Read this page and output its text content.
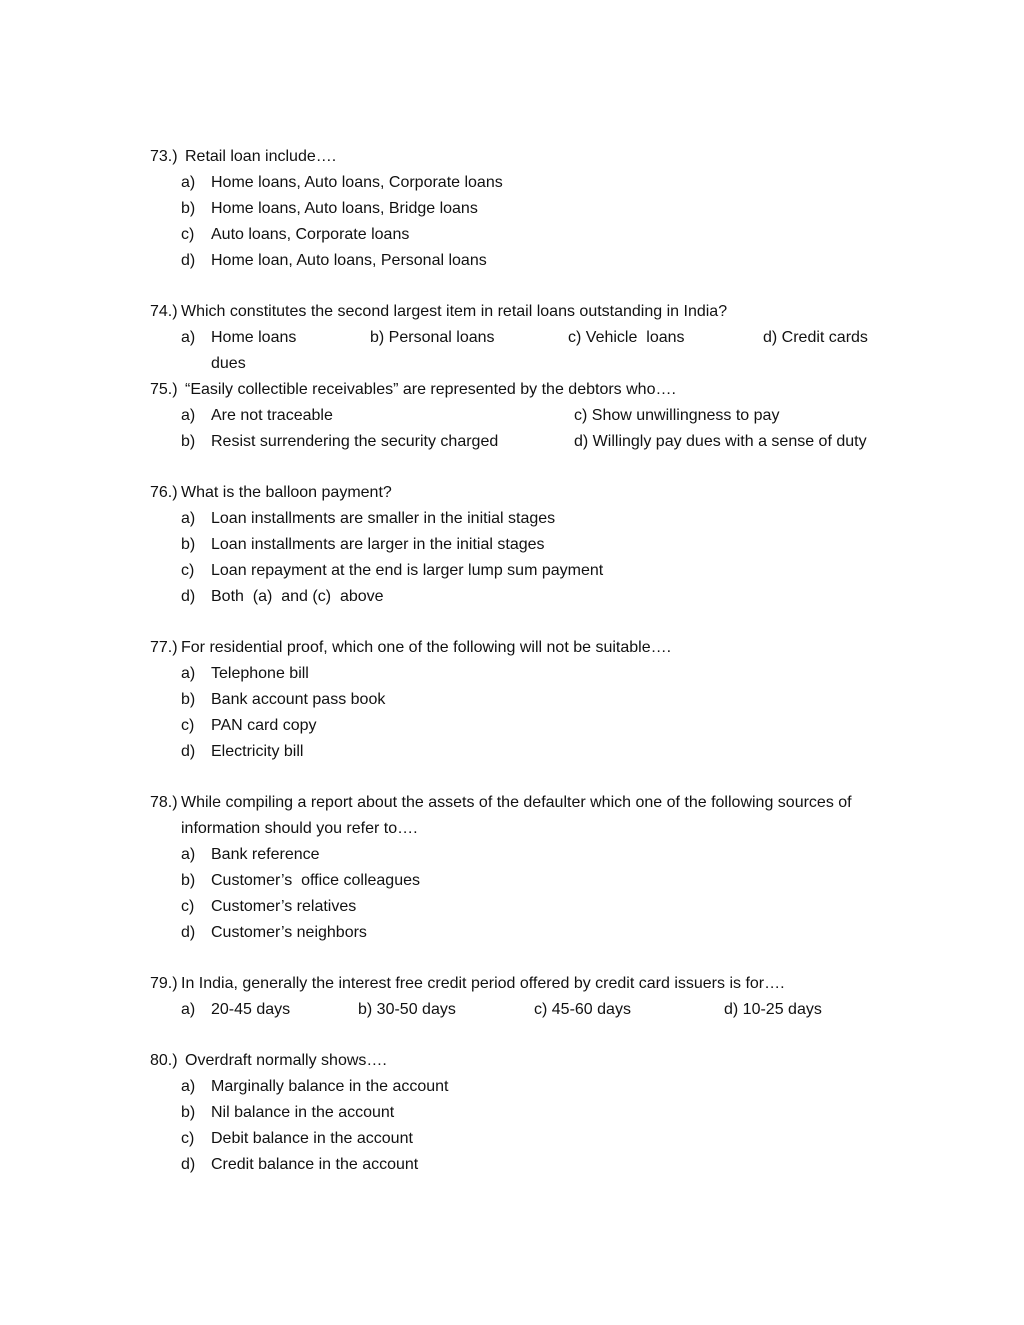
73.) Retail loan include….
a) Home loans, Auto loans, Corporate loans
b) Home loans, Auto loans, Bridge loans
c) Auto loans, Corporate loans
d) Home loan, Auto loans, Personal loans
74.) Which constitutes the second largest item in retail loans outstanding in India?
a) Home loans	b) Personal loans	c) Vehicle  loans	d) Credit cards
dues
75.) “Easily collectible receivables” are represented by the debtors who….
a) Are not traceable	c) Show unwillingness to pay
b) Resist surrendering the security charged	d) Willingly pay dues with a sense of duty
76.) What is the balloon payment?
a) Loan installments are smaller in the initial stages
b) Loan installments are larger in the initial stages
c) Loan repayment at the end is larger lump sum payment
d) Both  (a)  and (c)  above
77.) For residential proof, which one of the following will not be suitable….
a) Telephone bill
b) Bank account pass book
c) PAN card copy
d) Electricity bill
78.) While compiling a report about the assets of the defaulter which one of the following sources of
information should you refer to….
a) Bank reference
b) Customer’s  office colleagues
c) Customer’s relatives
d) Customer’s neighbors
79.) In India, generally the interest free credit period offered by credit card issuers is for….
a) 20-45 days	b) 30-50 days	c) 45-60 days	d) 10-25 days
80.) Overdraft normally shows….
a) Marginally balance in the account
b) Nil balance in the account
c) Debit balance in the account
d) Credit balance in the account
